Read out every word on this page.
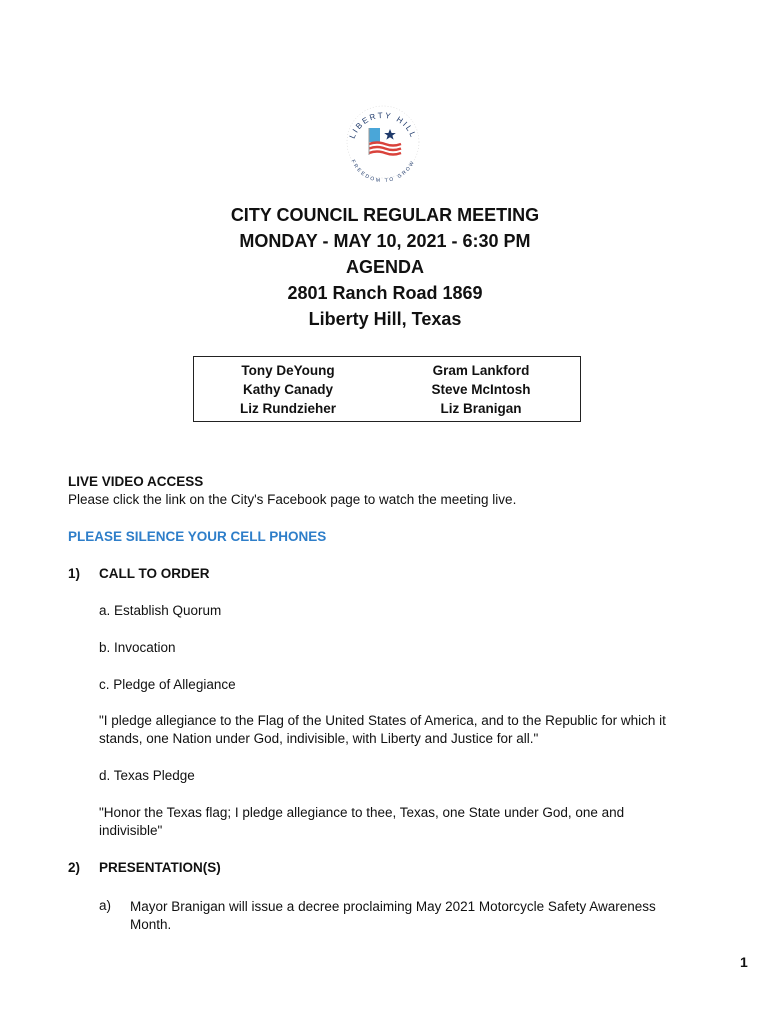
LIBERTY HILL
FREEDOM TO GROW
CITY COUNCIL REGULAR MEETING
MONDAY - MAY 10, 2021 - 6:30 PM
AGENDA
2801 Ranch Road 1869
Liberty Hill, Texas
Tony DeYoung
Kathy Canady
Liz Rundzieher
Gram Lankford
Steve McIntosh
Liz Branigan
LIVE VIDEO ACCESS
Please click the link on the City's Facebook page to watch the meeting live.
PLEASE SILENCE YOUR CELL PHONES
1) CALL TO ORDER
a. Establish Quorum
b. Invocation
c. Pledge of Allegiance
"I pledge allegiance to the Flag of the United States of America, and to the Republic for which it stands, one Nation under God, indivisible, with Liberty and Justice for all."
d. Texas Pledge
"Honor the Texas flag; I pledge allegiance to thee, Texas, one State under God, one and indivisible"
2) PRESENTATION(S)
a) Mayor Branigan will issue a decree proclaiming May 2021 Motorcycle Safety Awareness Month.
1
